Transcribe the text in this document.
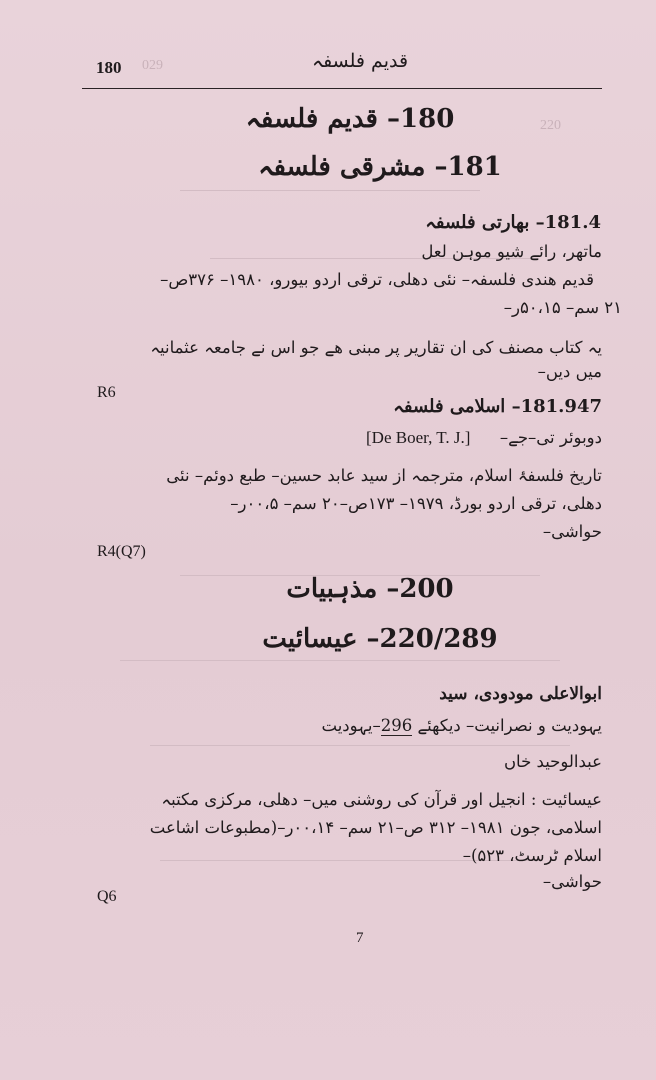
029
220
180	قدیم فلسفہ
180– قدیم فلسفہ
181– مشرقی فلسفہ
181.4– بھارتی فلسفہ
ماتھر، رائے شیو موہن لعل
قدیم ھندی فلسفہ– نئی دھلی، ترقی اردو بیورو، ۱۹۸۰– ۳۷۶ص–
۲۱ سم– ۵۰،۱۵ر–
یہ کتاب مصنف کی ان تقاریر پر مبنی ھے جو اس نے جامعہ عثمانیہ
میں دیں–
R6
181.947– اسلامی فلسفہ
دوبوئر تی–جے–
[De Boer, T. J.]
تاریخ فلسفۂ اسلام، مترجمہ از سید عابد حسین– طبع دوئم– نئی
دھلی، ترقی اردو بورڈ، ۱۹۷۹– ۱۷۳ص–۲۰ سم– ۰۰،۵ر–
حواشی–
R4(Q7)
200– مذہبیات
220/289– عیسائیت
ابوالاعلی مودودی، سید
یہودیت و نصرانیت– دیکھئے 296–یہودیت
عبدالوحید خاں
عیسائیت : انجیل اور قرآن کی روشنی میں– دھلی، مرکزی مکتبہ
اسلامی، جون ۱۹۸۱– ۳۱۲ ص–۲۱ سم– ۰۰،۱۴ر–(مطبوعات اشاعت
اسلام ٹرسٹ، ۵۲۳)–
حواشی–
Q6
7
